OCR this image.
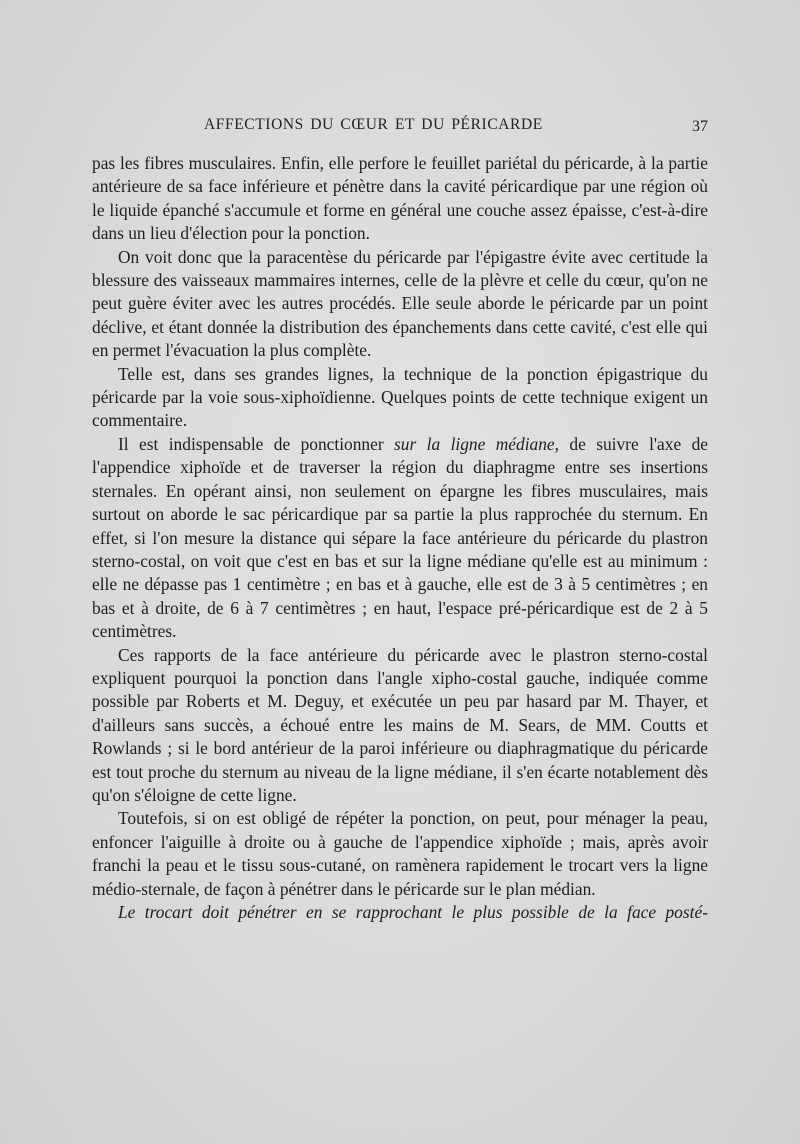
AFFECTIONS DU CŒUR ET DU PÉRICARDE	37

pas les fibres musculaires. Enfin, elle perfore le feuillet pariétal du péricarde, à la partie antérieure de sa face inférieure et pénètre dans la cavité péricardique par une région où le liquide épanché s'accumule et forme en général une couche assez épaisse, c'est-à-dire dans un lieu d'élection pour la ponction.

On voit donc que la paracentèse du péricarde par l'épigastre évite avec certitude la blessure des vaisseaux mammaires internes, celle de la plèvre et celle du cœur, qu'on ne peut guère éviter avec les autres procédés. Elle seule aborde le péricarde par un point déclive, et étant donnée la distribution des épanchements dans cette cavité, c'est elle qui en permet l'évacuation la plus complète.

Telle est, dans ses grandes lignes, la technique de la ponction épigastrique du péricarde par la voie sous-xiphoïdienne. Quelques points de cette technique exigent un commentaire.

Il est indispensable de ponctionner sur la ligne médiane, de suivre l'axe de l'appendice xiphoïde et de traverser la région du diaphragme entre ses insertions sternales. En opérant ainsi, non seulement on épargne les fibres musculaires, mais surtout on aborde le sac péricardique par sa partie la plus rapprochée du sternum. En effet, si l'on mesure la distance qui sépare la face antérieure du péricarde du plastron sterno-costal, on voit que c'est en bas et sur la ligne médiane qu'elle est au minimum : elle ne dépasse pas 1 centimètre ; en bas et à gauche, elle est de 3 à 5 centimètres ; en bas et à droite, de 6 à 7 centimètres ; en haut, l'espace pré-péricardique est de 2 à 5 centimètres.

Ces rapports de la face antérieure du péricarde avec le plastron sterno-costal expliquent pourquoi la ponction dans l'angle xipho-costal gauche, indiquée comme possible par Roberts et M. Deguy, et exécutée un peu par hasard par M. Thayer, et d'ailleurs sans succès, a échoué entre les mains de M. Sears, de MM. Coutts et Rowlands ; si le bord antérieur de la paroi inférieure ou diaphragmatique du péricarde est tout proche du sternum au niveau de la ligne médiane, il s'en écarte notablement dès qu'on s'éloigne de cette ligne.

Toutefois, si on est obligé de répéter la ponction, on peut, pour ménager la peau, enfoncer l'aiguille à droite ou à gauche de l'appendice xiphoïde ; mais, après avoir franchi la peau et le tissu sous-cutané, on ramènera rapidement le trocart vers la ligne médio-sternale, de façon à pénétrer dans le péricarde sur le plan médian.

Le trocart doit pénétrer en se rapprochant le plus possible de la face posté-
